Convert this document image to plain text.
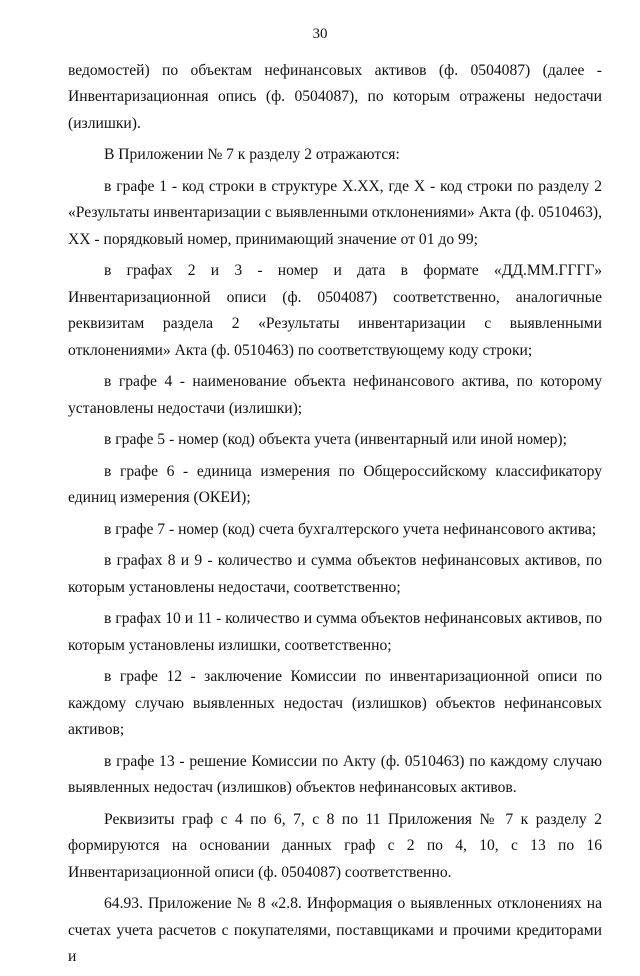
30

ведомостей) по объектам нефинансовых активов (ф. 0504087) (далее - Инвентаризационная опись (ф. 0504087), по которым отражены недостачи (излишки).

В Приложении № 7 к разделу 2 отражаются:

в графе 1 - код строки в структуре Х.ХХ, где Х - код строки по разделу 2 «Результаты инвентаризации с выявленными отклонениями» Акта (ф. 0510463), ХХ - порядковый номер, принимающий значение от 01 до 99;

в графах 2 и 3 - номер и дата в формате «ДД.ММ.ГГГГ» Инвентаризационной описи (ф. 0504087) соответственно, аналогичные реквизитам раздела 2 «Результаты инвентаризации с выявленными отклонениями» Акта (ф. 0510463) по соответствующему коду строки;

в графе 4 - наименование объекта нефинансового актива, по которому установлены недостачи (излишки);

в графе 5 - номер (код) объекта учета (инвентарный или иной номер);

в графе 6 - единица измерения по Общероссийскому классификатору единиц измерения (ОКЕИ);

в графе 7 - номер (код) счета бухгалтерского учета нефинансового актива;

в графах 8 и 9 - количество и сумма объектов нефинансовых активов, по которым установлены недостачи, соответственно;

в графах 10 и 11 - количество и сумма объектов нефинансовых активов, по которым установлены излишки, соответственно;

в графе 12 - заключение Комиссии по инвентаризационной описи по каждому случаю выявленных недостач (излишков) объектов нефинансовых активов;

в графе 13 - решение Комиссии по Акту (ф. 0510463) по каждому случаю выявленных недостач (излишков) объектов нефинансовых активов.

Реквизиты граф с 4 по 6, 7, с 8 по 11 Приложения № 7 к разделу 2 формируются на основании данных граф с 2 по 4, 10, с 13 по 16 Инвентаризационной описи (ф. 0504087) соответственно.

64.93. Приложение № 8 «2.8. Информация о выявленных отклонениях на счетах учета расчетов с покупателями, поставщиками и прочими кредиторами и
